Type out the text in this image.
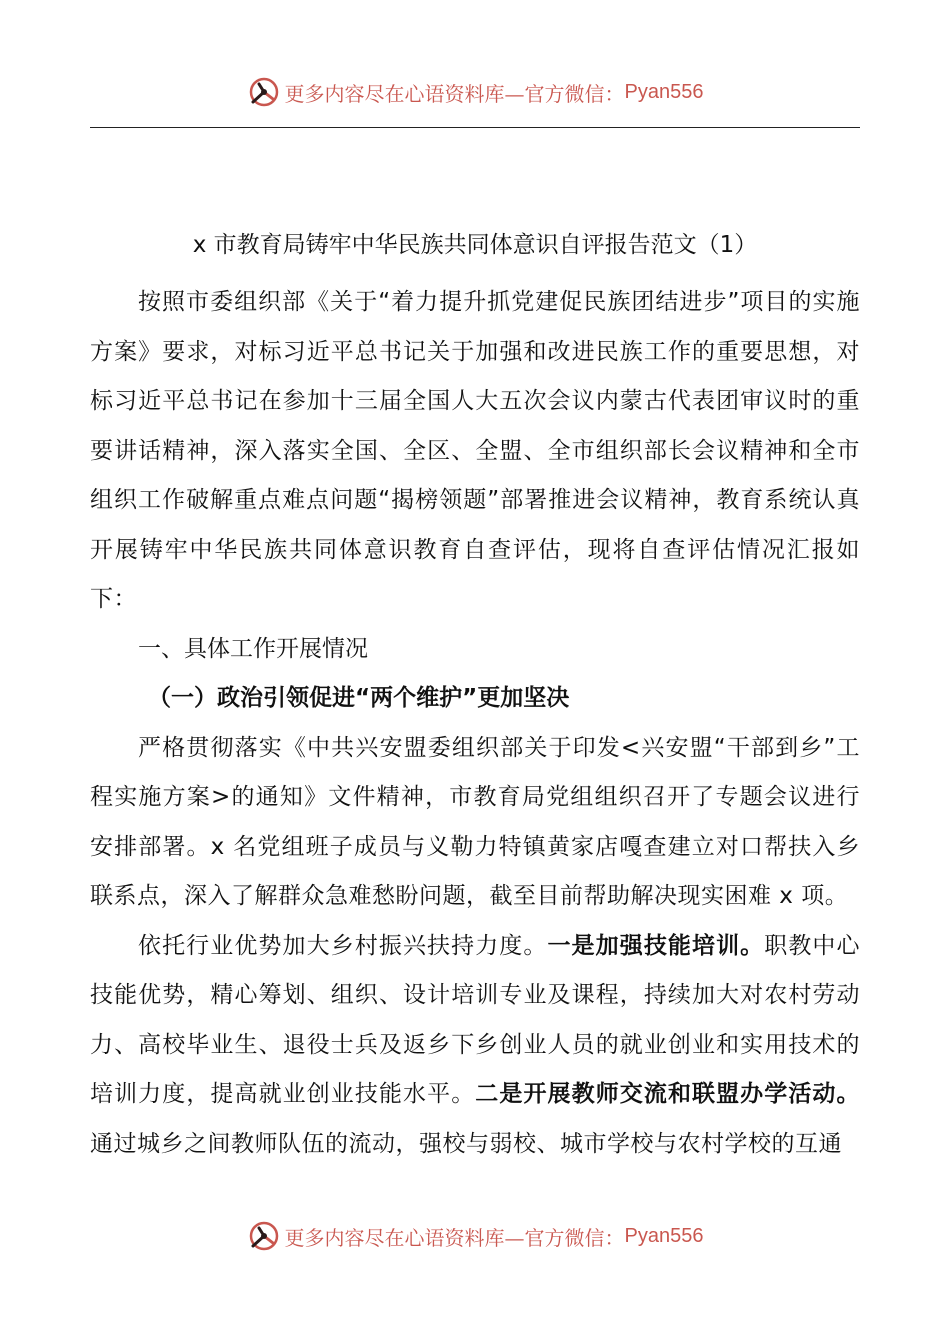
更多内容尽在心语资料库—官方微信： Pyan556
x 市教育局铸牢中华民族共同体意识自评报告范文（1）

按照市委组织部《关于“着力提升抓党建促民族团结进步”项目的实施方案》要求，对标习近平总书记关于加强和改进民族工作的重要思想，对标习近平总书记在参加十三届全国人大五次会议内蒙古代表团审议时的重要讲话精神，深入落实全国、全区、全盟、全市组织部长会议精神和全市组织工作破解重点难点问题“揭榜领题”部署推进会议精神，教育系统认真开展铸牢中华民族共同体意识教育自查评估，现将自查评估情况汇报如下：

一、具体工作开展情况

（一）政治引领促进“两个维护”更加坚决

严格贯彻落实《中共兴安盟委组织部关于印发<兴安盟“干部到乡”工程实施方案>的通知》文件精神，市教育局党组组织召开了专题会议进行安排部署。x 名党组班子成员与义勒力特镇黄家店嘎查建立对口帮扶入乡联系点，深入了解群众急难愁盼问题，截至目前帮助解决现实困难 x 项。

依托行业优势加大乡村振兴扶持力度。一是加强技能培训。职教中心技能优势，精心筹划、组织、设计培训专业及课程，持续加大对农村劳动力、高校毕业生、退役士兵及返乡下乡创业人员的就业创业和实用技术的培训力度，提高就业创业技能水平。二是开展教师交流和联盟办学活动。通过城乡之间教师队伍的流动，强校与弱校、城市学校与农村学校的互通

更多内容尽在心语资料库—官方微信： Pyan556
